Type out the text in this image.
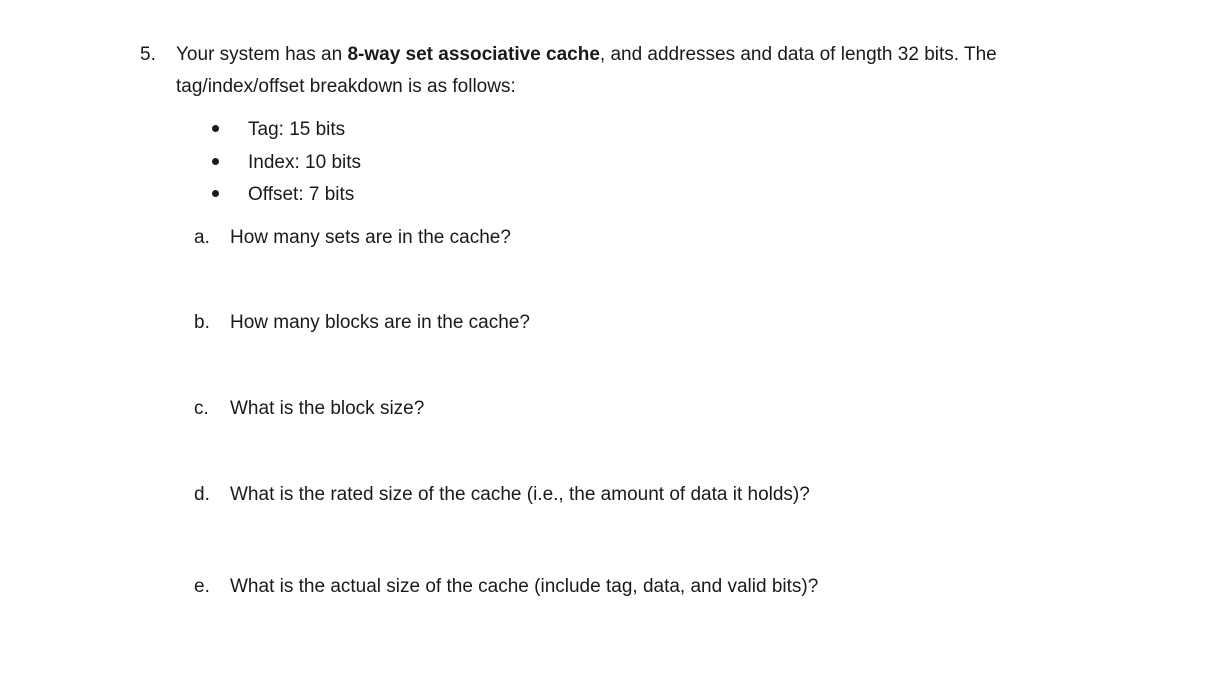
5. Your system has an 8-way set associative cache, and addresses and data of length 32 bits. The
tag/index/offset breakdown is as follows:
Tag: 15 bits
Index: 10 bits
Offset: 7 bits
a. How many sets are in the cache?
b. How many blocks are in the cache?
c. What is the block size?
d. What is the rated size of the cache (i.e., the amount of data it holds)?
e. What is the actual size of the cache (include tag, data, and valid bits)?
